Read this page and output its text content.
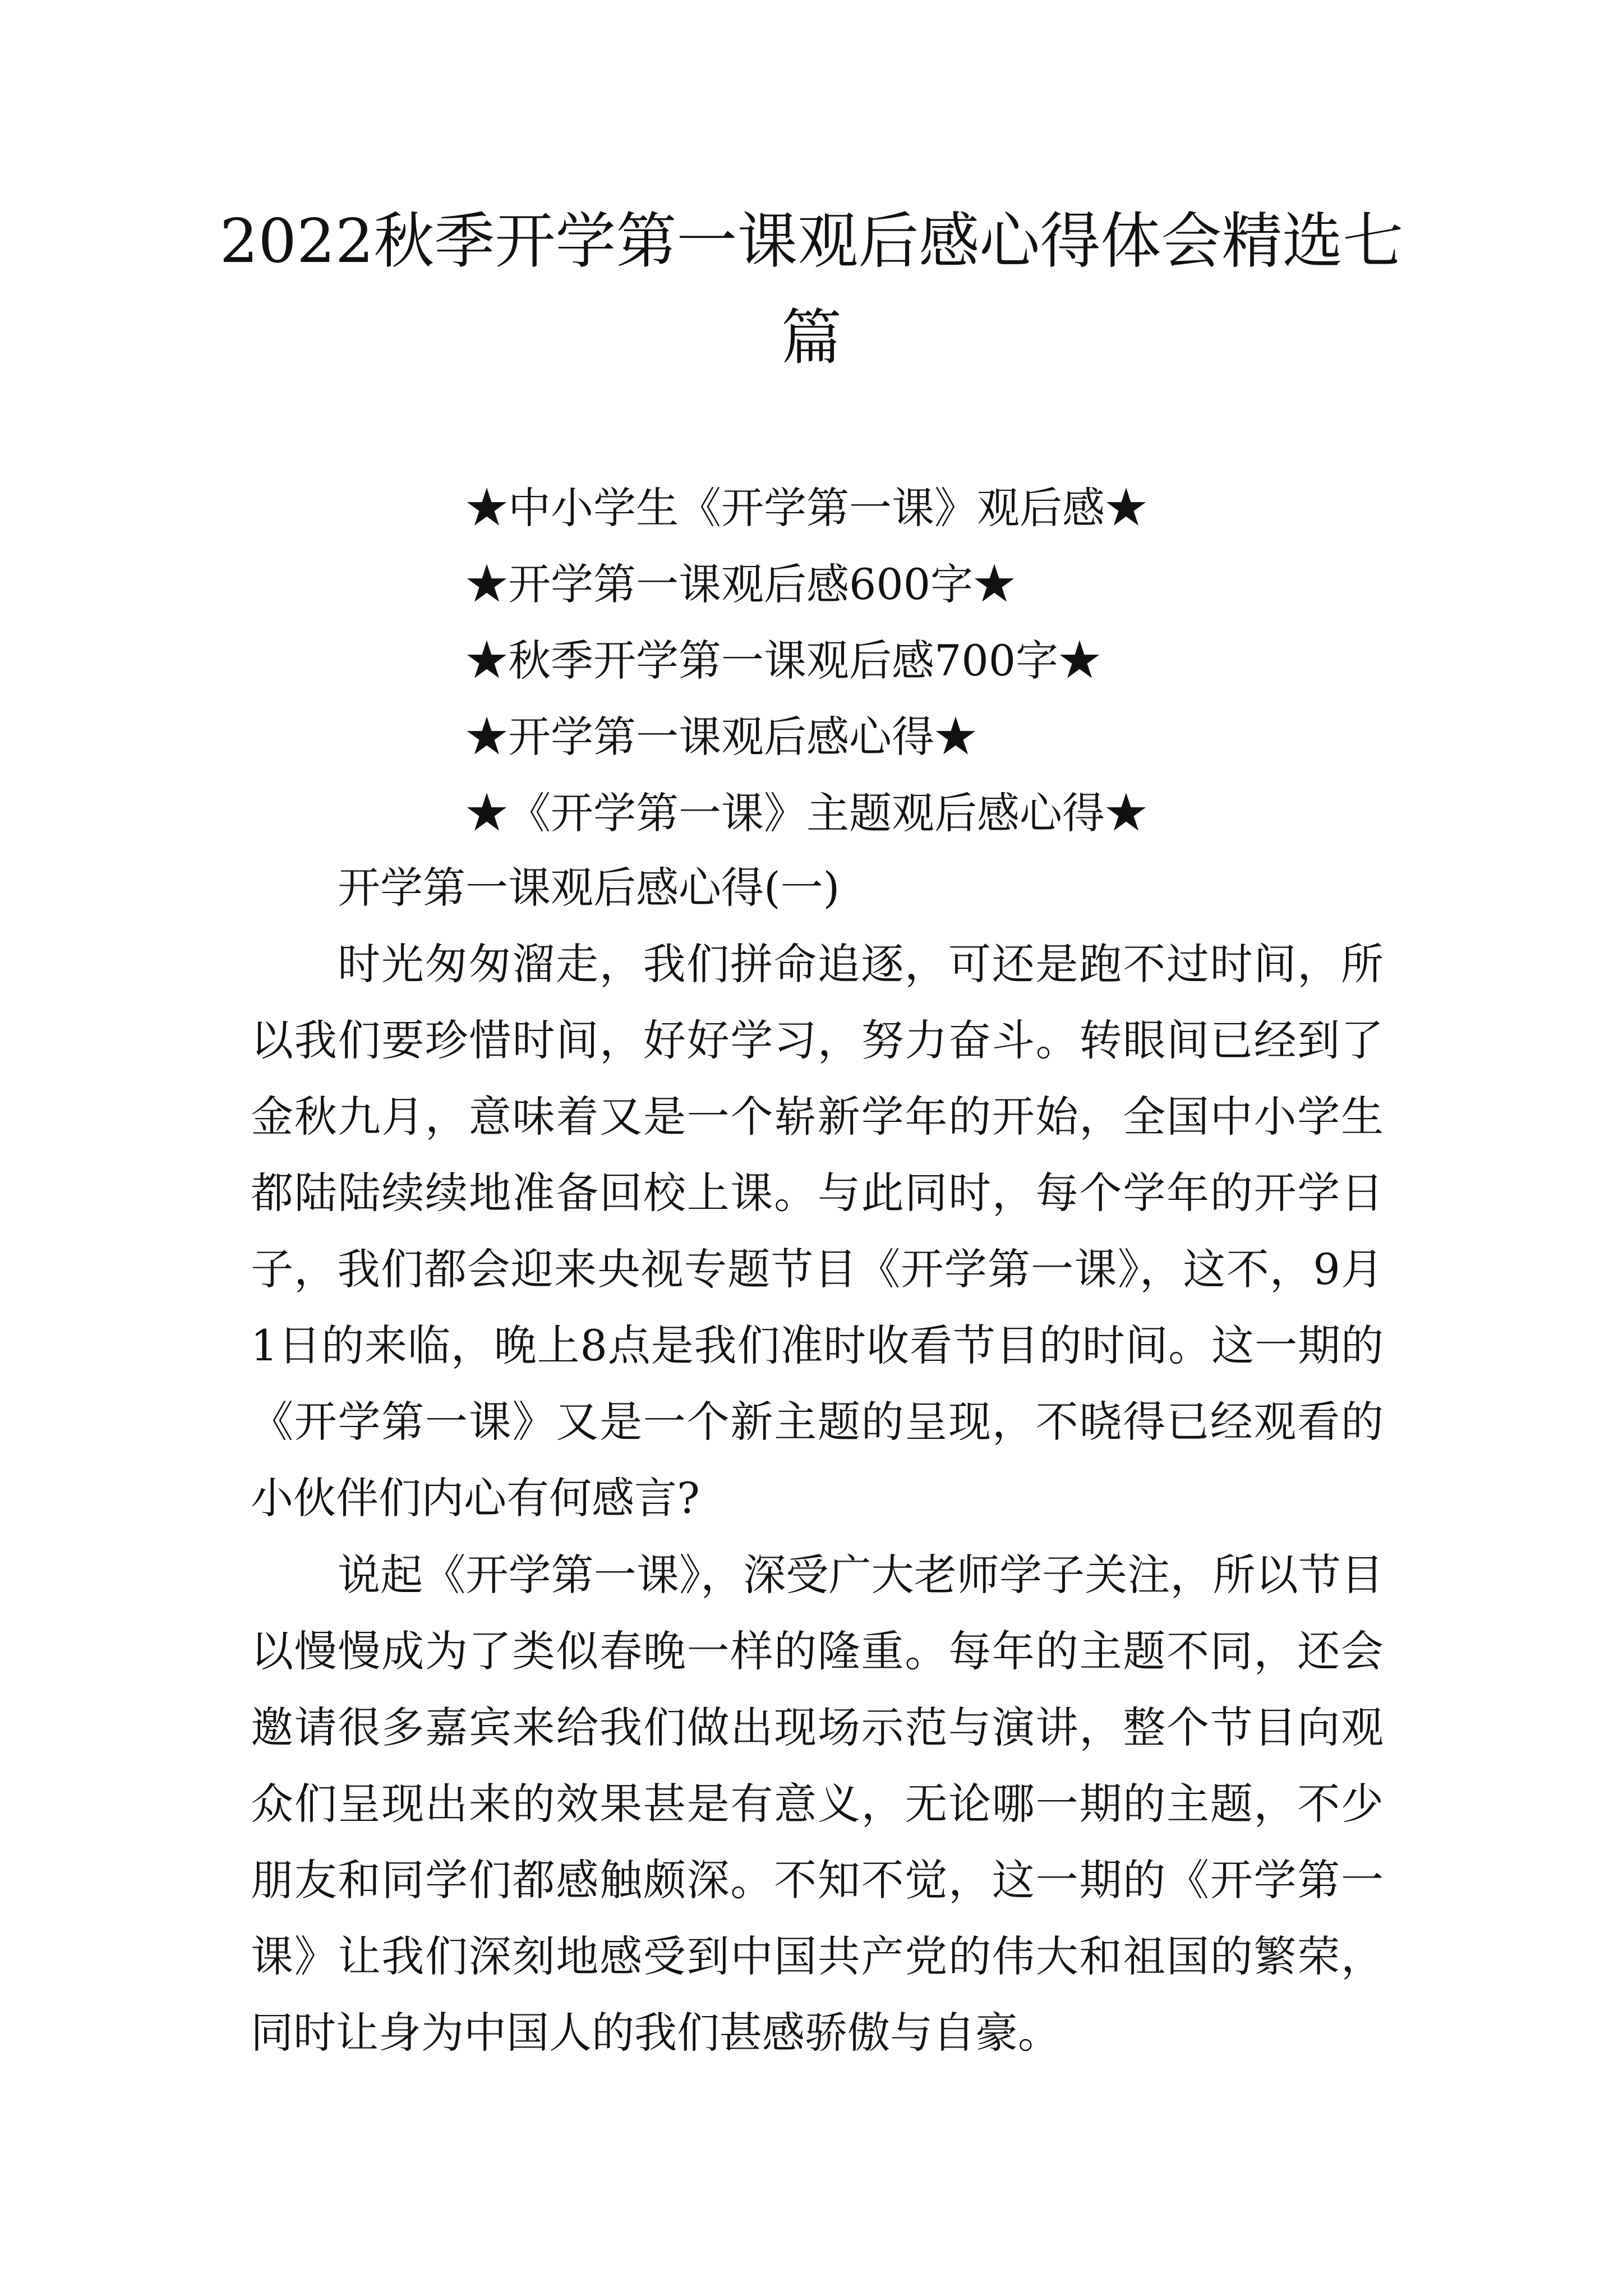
2022秋季开学第一课观后感心得体会精选七篇
★中小学生《开学第一课》观后感★
★开学第一课观后感600字★
★秋季开学第一课观后感700字★
★开学第一课观后感心得★
★《开学第一课》主题观后感心得★
开学第一课观后感心得(一)

时光匆匆溜走，我们拼命追逐，可还是跑不过时间，所以我们要珍惜时间，好好学习，努力奋斗。转眼间已经到了金秋九月，意味着又是一个崭新学年的开始，全国中小学生都陆陆续续地准备回校上课。与此同时，每个学年的开学日子，我们都会迎来央视专题节目《开学第一课》，这不，9月1日的来临，晚上8点是我们准时收看节目的时间。这一期的《开学第一课》又是一个新主题的呈现，不晓得已经观看的小伙伴们内心有何感言?

说起《开学第一课》，深受广大老师学子关注，所以节目以慢慢成为了类似春晚一样的隆重。每年的主题不同，还会邀请很多嘉宾来给我们做出现场示范与演讲，整个节目向观众们呈现出来的效果甚是有意义，无论哪一期的主题，不少朋友和同学们都感触颇深。不知不觉，这一期的《开学第一课》让我们深刻地感受到中国共产党的伟大和祖国的繁荣，同时让身为中国人的我们甚感骄傲与自豪。
